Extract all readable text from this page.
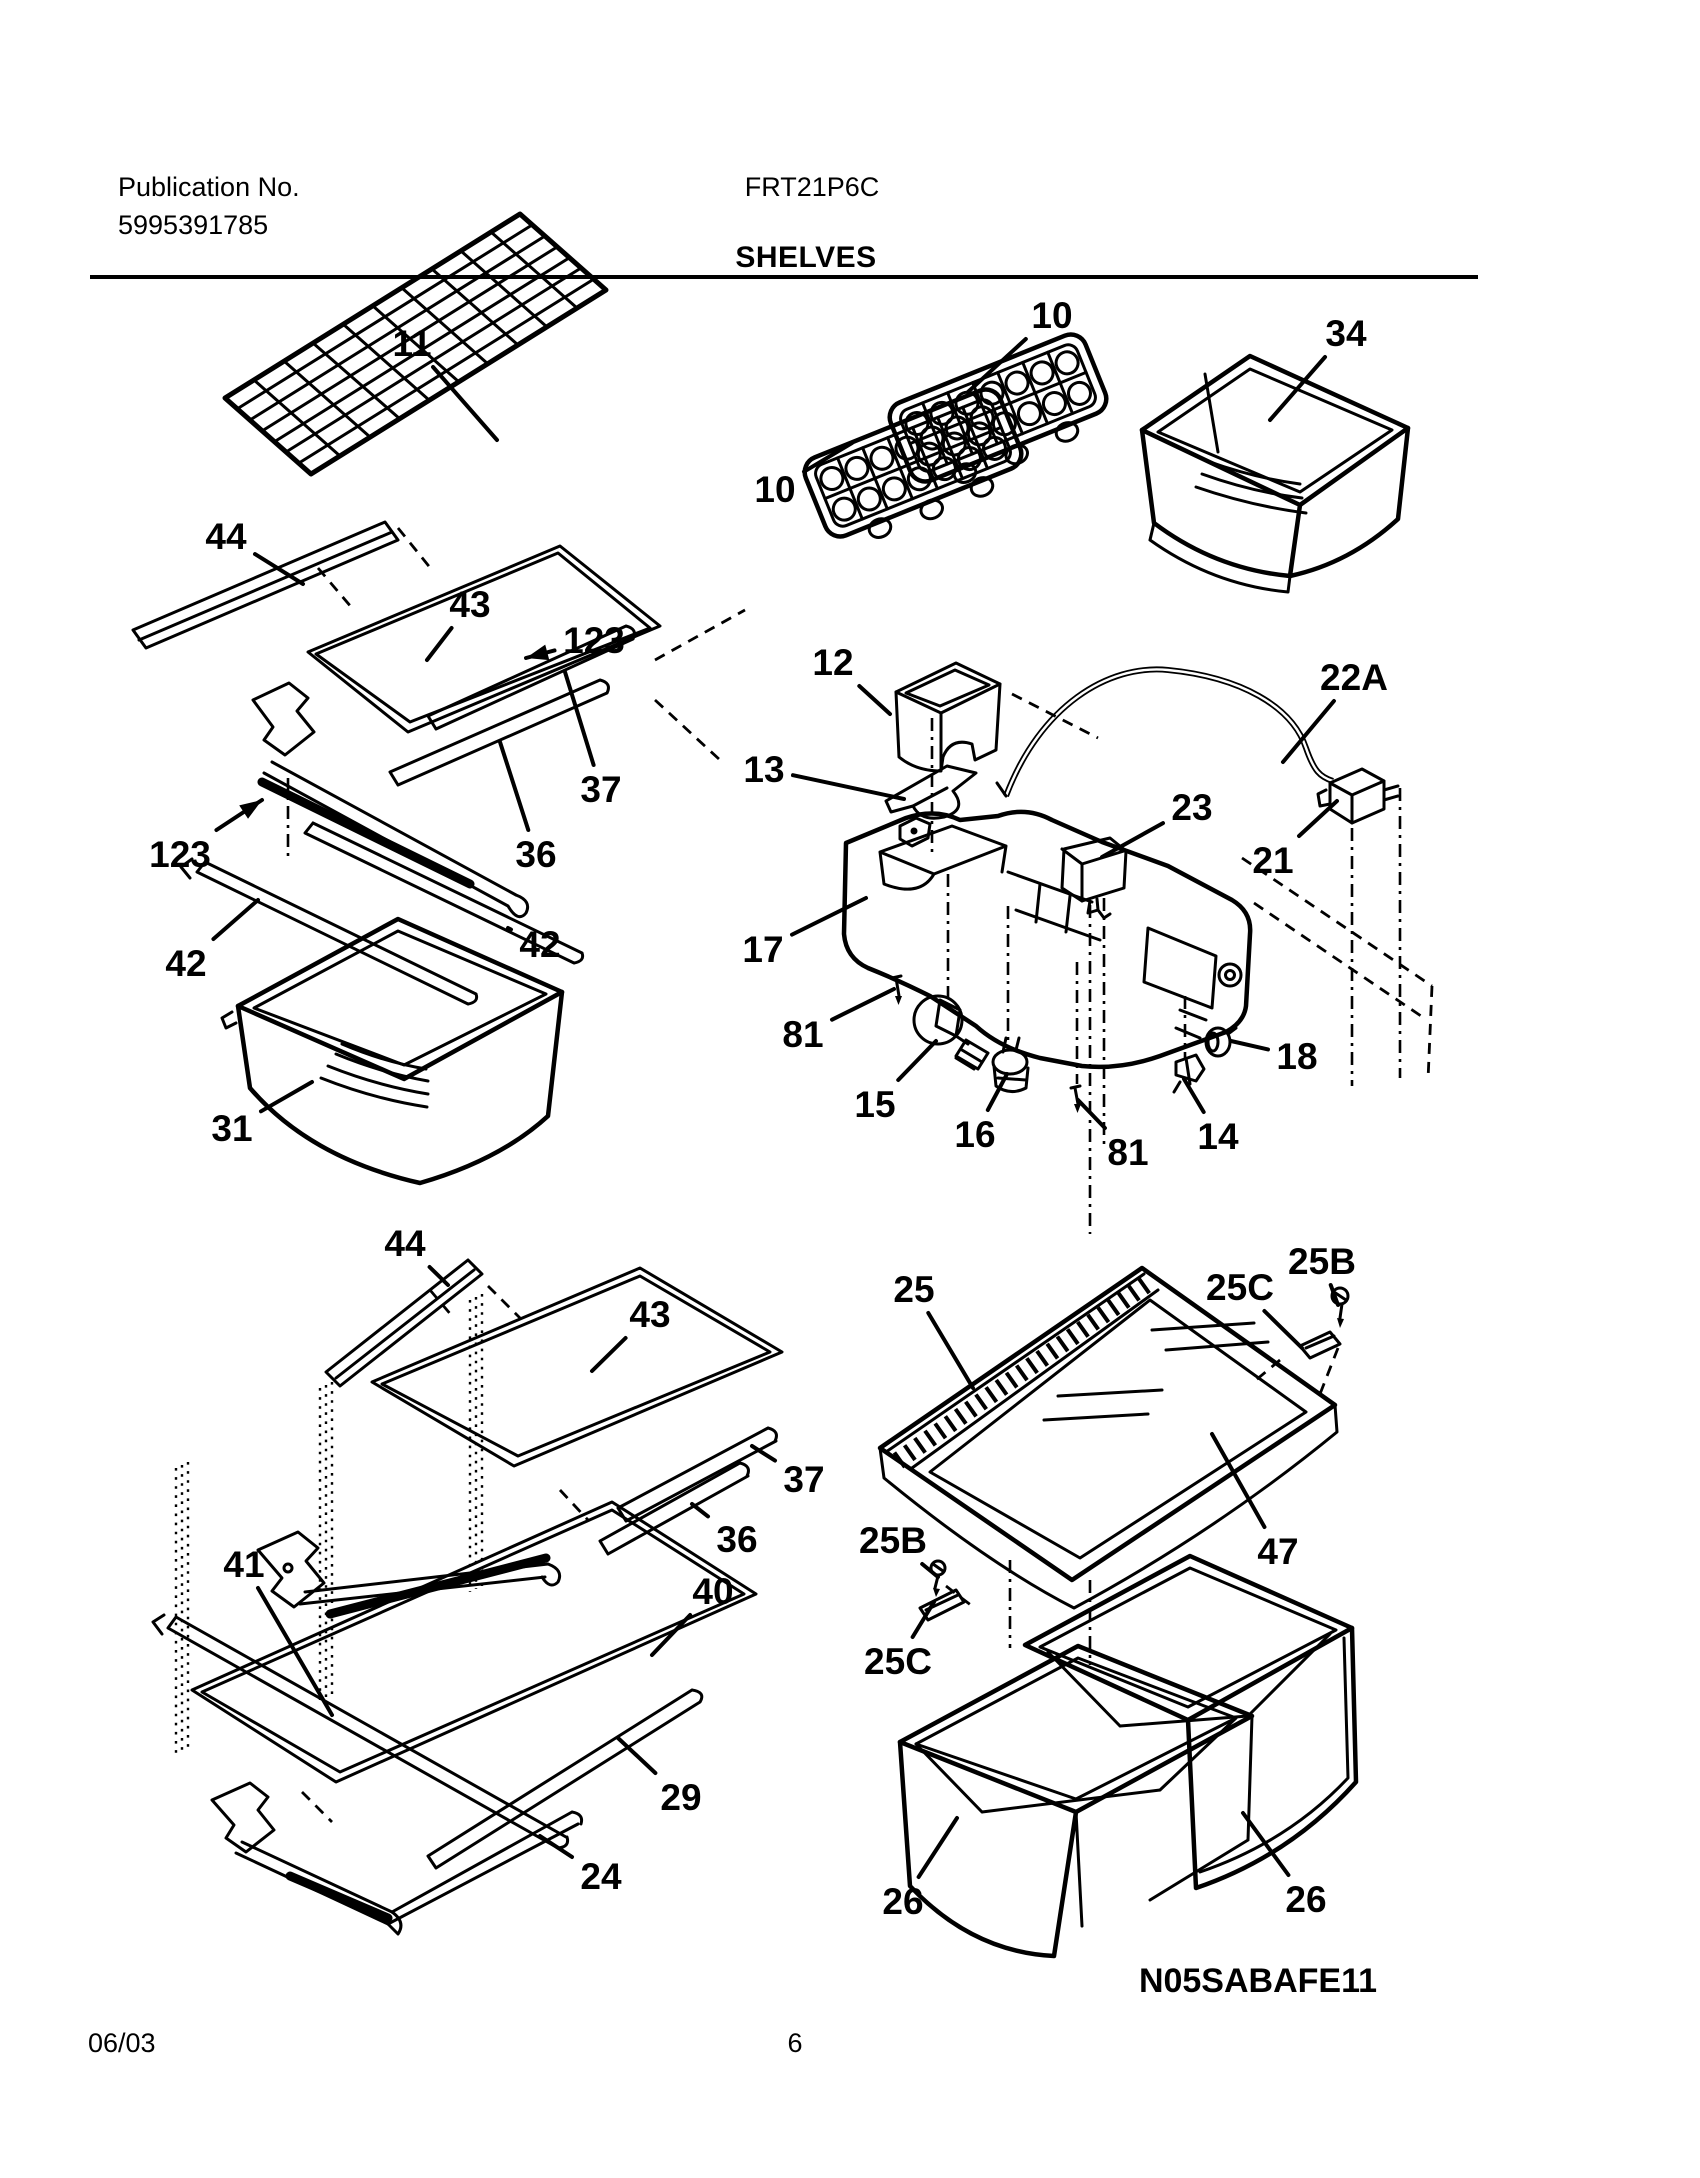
Publication No.
5995391785
FRT21P6C
SHELVES
N05SABAFE11
11
10
10
34
44
43
123
37
36
123
42	42
31
12
13
22A
23
21
17
81
15
16	81 14
18
44
43
41
37
36
40
29
24
25	25C
25B
47
25B
25C
26	26
06/03	6
